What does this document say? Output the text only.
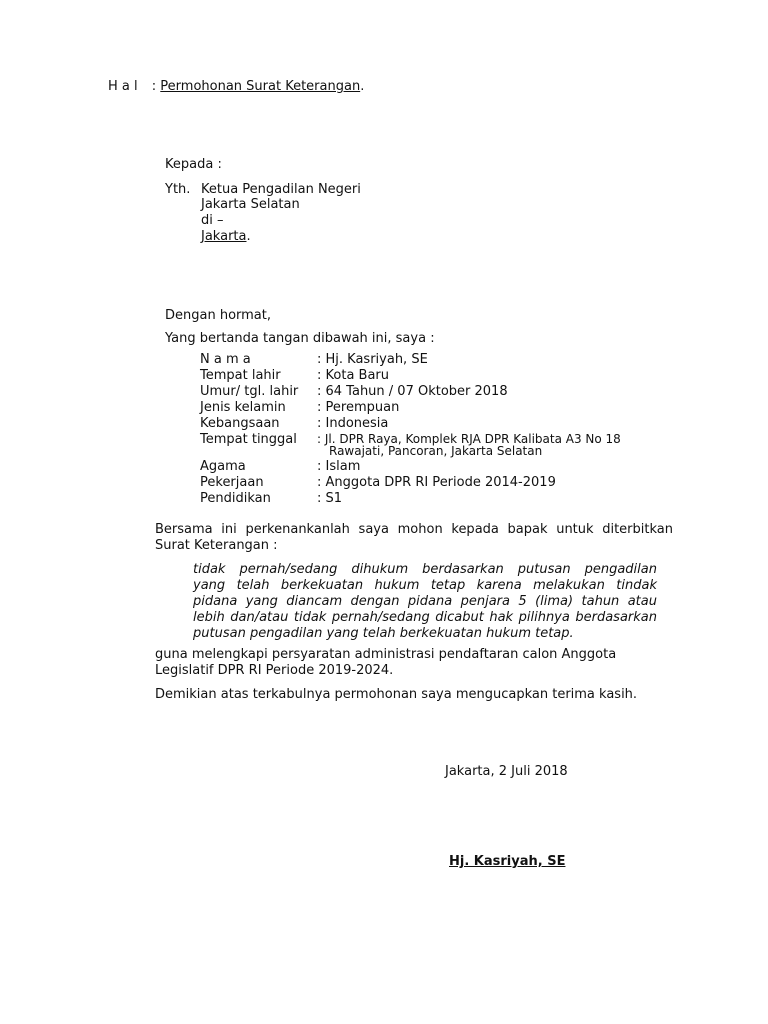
H a l : Permohonan Surat Keterangan.
Kepada :
Yth. Ketua Pengadilan Negeri
Jakarta Selatan
di –
Jakarta.
Dengan hormat,
Yang bertanda tangan dibawah ini, saya :
N a m a	: Hj. Kasriyah, SE
Tempat lahir	: Kota Baru
Umur/ tgl. lahir : 64 Tahun / 07 Oktober 2018
Jenis kelamin : Perempuan
Kebangsaan	: Indonesia
Tempat tinggal : Jl. DPR Raya, Komplek RJA DPR Kalibata A3 No 18
Rawajati, Pancoran, Jakarta Selatan
Agama	: Islam
Pekerjaan	: Anggota DPR RI Periode 2014-2019
Pendidikan	: S1
Bersama ini perkenankanlah saya mohon kepada bapak untuk diterbitkan
Surat Keterangan :
tidak pernah/sedang dihukum berdasarkan putusan pengadilan
yang telah berkekuatan hukum tetap karena melakukan tindak
pidana yang diancam dengan pidana penjara 5 (lima) tahun atau
lebih dan/atau tidak pernah/sedang dicabut hak pilihnya berdasarkan
putusan pengadilan yang telah berkekuatan hukum tetap.
guna melengkapi persyaratan administrasi pendaftaran calon Anggota
Legislatif DPR RI Periode 2019-2024.
Demikian atas terkabulnya permohonan saya mengucapkan terima kasih.
Jakarta, 2 Juli 2018
Hj. Kasriyah, SE
